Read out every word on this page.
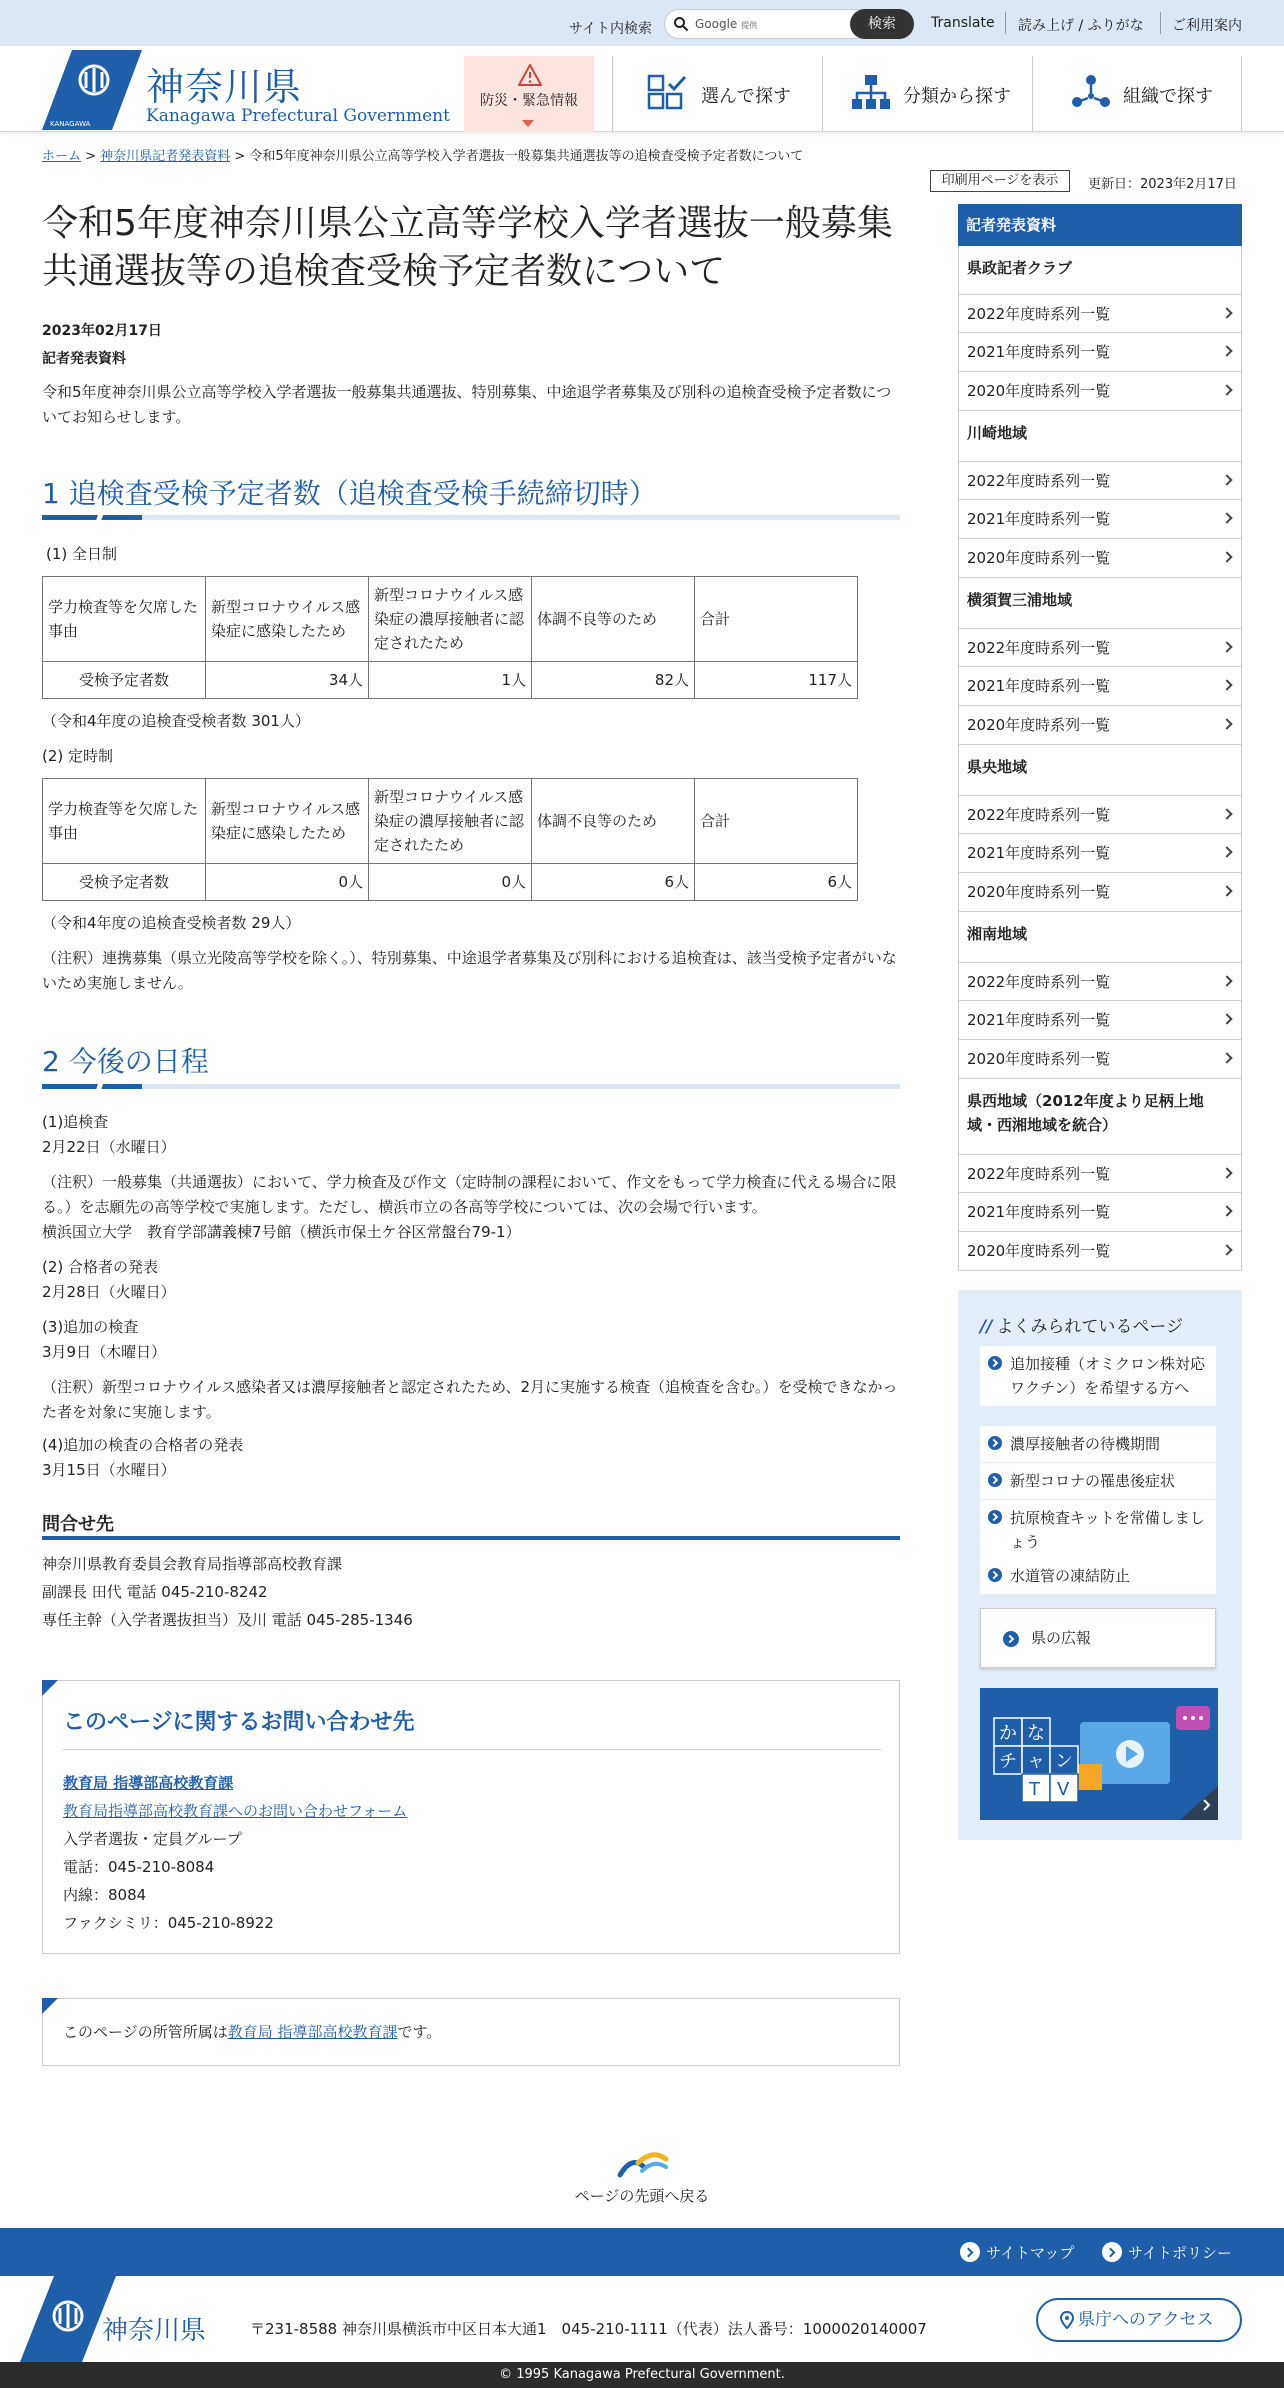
サイト内検索	Google 提供	検索	Translate 読み上げ / ふりがな ご利用案内
KANAGAWA
神奈川県
Kanagawa Prefectural Government
防災・緊急情報	選んで探す	分類から探す	組織で探す
ホーム > 神奈川県記者発表資料 > 令和5年度神奈川県公立高等学校入学者選抜一般募集共通選抜等の追検査受検予定者数について
印刷用ページを表示	更新日：2023年2月17日
令和5年度神奈川県公立高等学校入学者選抜一般募集共通選抜等の追検査受検予定者数について
2023年02月17日
記者発表資料
令和5年度神奈川県公立高等学校入学者選抜一般募集共通選抜、特別募集、中途退学者募集及び別科の追検査受検予定者数についてお知らせします。
1 追検査受検予定者数（追検査受検手続締切時）
(1) 全日制
学力検査等を欠席した事由	新型コロナウイルス感染症に感染したため	新型コロナウイルス感染症の濃厚接触者に認定されたため	体調不良等のため	合計
受検予定者数	34人	1人	82人	117人
（令和4年度の追検査受検者数 301人）
(2) 定時制
学力検査等を欠席した事由	新型コロナウイルス感染症に感染したため	新型コロナウイルス感染症の濃厚接触者に認定されたため	体調不良等のため	合計
受検予定者数	0人	0人	6人	6人
（令和4年度の追検査受検者数 29人）
（注釈）連携募集（県立光陵高等学校を除く。）、特別募集、中途退学者募集及び別科における追検査は、該当受検予定者がいないため実施しません。
2 今後の日程
(1)追検査
2月22日（水曜日）
（注釈）一般募集（共通選抜）において、学力検査及び作文（定時制の課程において、作文をもって学力検査に代える場合に限る。）を志願先の高等学校で実施します。ただし、横浜市立の各高等学校については、次の会場で行います。
横浜国立大学　教育学部講義棟7号館（横浜市保土ケ谷区常盤台79-1）
(2) 合格者の発表
2月28日（火曜日）
(3)追加の検査
3月9日（木曜日）
（注釈）新型コロナウイルス感染者又は濃厚接触者と認定されたため、2月に実施する検査（追検査を含む。）を受検できなかった者を対象に実施します。
(4)追加の検査の合格者の発表
3月15日（水曜日）
問合せ先
神奈川県教育委員会教育局指導部高校教育課
副課長 田代 電話 045-210-8242
専任主幹（入学者選抜担当）及川 電話 045-285-1346
このページに関するお問い合わせ先
教育局 指導部高校教育課
教育局指導部高校教育課へのお問い合わせフォーム
入学者選抜・定員グループ
電話：045-210-8084
内線：8084
ファクシミリ：045-210-8922
このページの所管所属は教育局 指導部高校教育課です。
記者発表資料
県政記者クラブ
2022年度時系列一覧
2021年度時系列一覧
2020年度時系列一覧
川崎地域
2022年度時系列一覧
2021年度時系列一覧
2020年度時系列一覧
横須賀三浦地域
2022年度時系列一覧
2021年度時系列一覧
2020年度時系列一覧
県央地域
2022年度時系列一覧
2021年度時系列一覧
2020年度時系列一覧
湘南地域
2022年度時系列一覧
2021年度時系列一覧
2020年度時系列一覧
県西地域（2012年度より足柄上地域・西湘地域を統合）
2022年度時系列一覧
2021年度時系列一覧
2020年度時系列一覧
// よくみられているページ
追加接種（オミクロン株対応ワクチン）を希望する方へ
濃厚接触者の待機期間
新型コロナの罹患後症状
抗原検査キットを常備しましょう
水道管の凍結防止
県の広報
か な
チ ャ ン
T V
ページの先頭へ戻る
サイトマップ	サイトポリシー
神奈川県	〒231-8588 神奈川県横浜市中区日本大通1　045-210-1111（代表）法人番号：1000020140007	県庁へのアクセス
© 1995 Kanagawa Prefectural Government.
